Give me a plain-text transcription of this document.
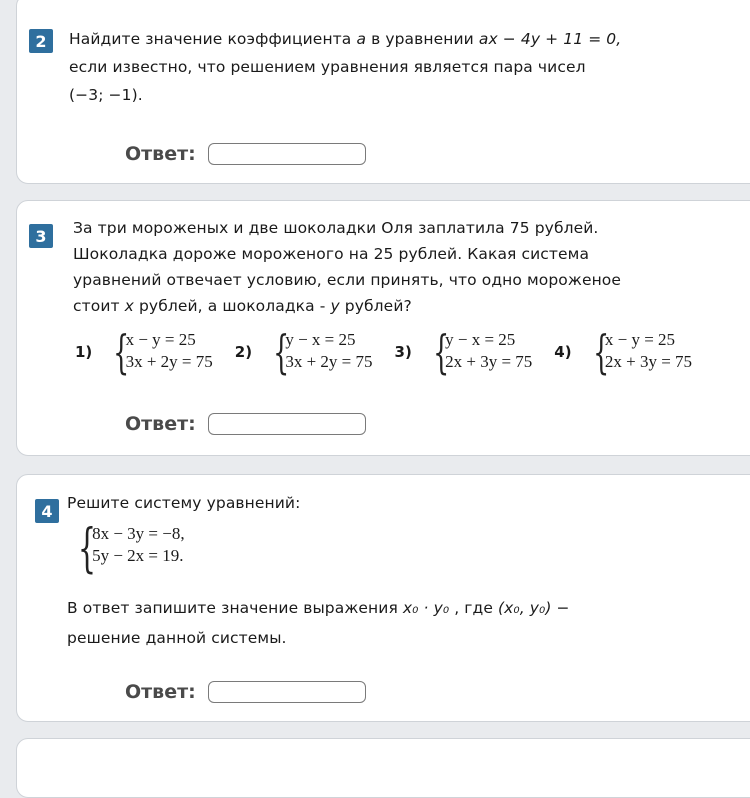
2	Найдите значение коэффициента a в уравнении ax − 4y + 11 = 0,
если известно, что решением уравнения является пара чисел
(−3; −1).
Ответ:
3	За три мороженых и две шоколадки Оля заплатила 75 рублей.
Шоколадка дороже мороженого на 25 рублей. Какая система
уравнений отвечает условию, если принять, что одно мороженое
стоит x рублей, а шоколадка - y рублей?
1) {
x − y = 25
3x + 2y = 75 2) {
y − x = 25
3x + 2y = 75 3) {
y − x = 25
2x + 3y = 75 4) {
x − y = 25
2x + 3y = 75
Ответ:
4 Решите систему уравнений:
{
8x − 3y = −8,
5y − 2x = 19.
В ответ запишите значение выражения x₀ · y₀ , где (x₀, y₀) −
решение данной системы.
Ответ:
